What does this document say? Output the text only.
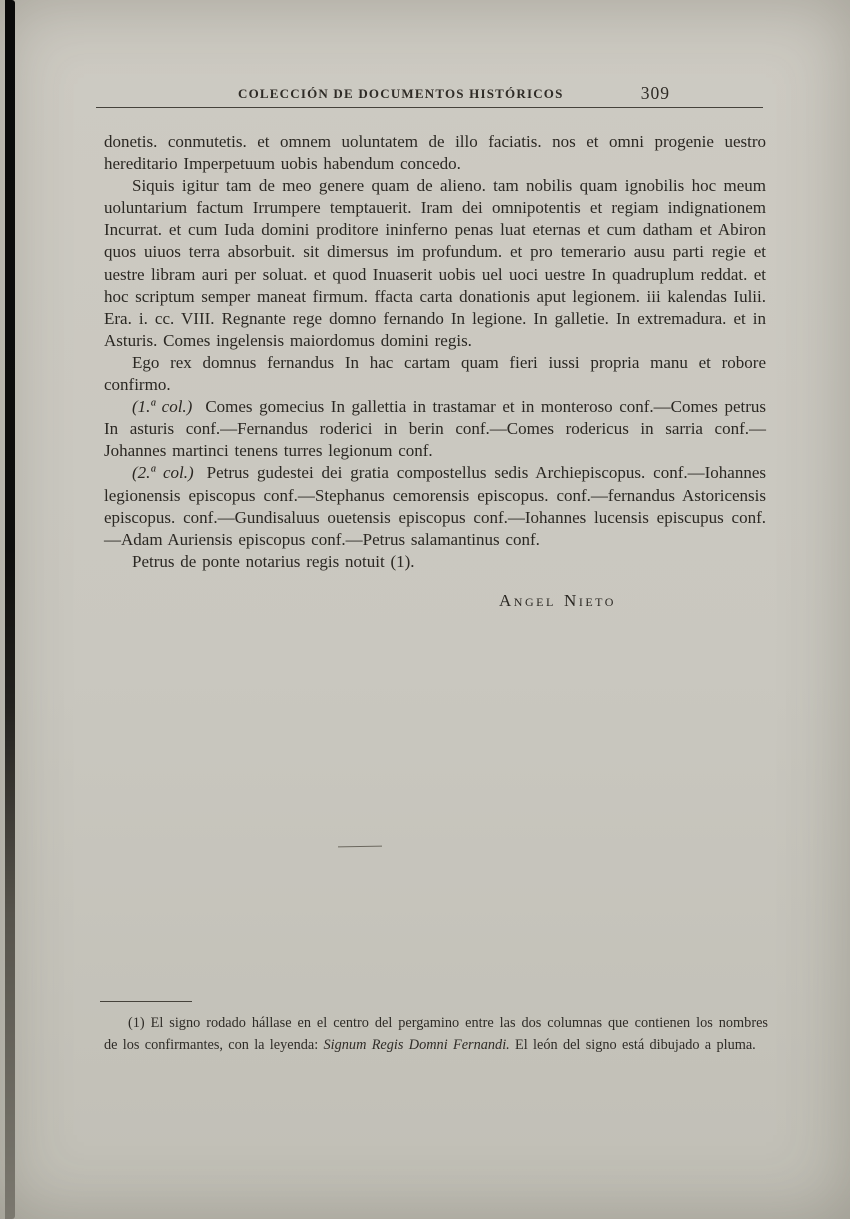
COLECCIÓN DE DOCUMENTOS HISTÓRICOS	309

donetis. conmutetis. et omnem uoluntatem de illo faciatis. nos et omni progenie uestro hereditario Imperpetuum uobis habendum concedo.

Siquis igitur tam de meo genere quam de alieno. tam nobilis quam ignobilis hoc meum uoluntarium factum Irrumpere temptauerit. Iram dei omnipotentis et regiam indignationem Incurrat. et cum Iuda domini proditore ininferno penas luat eternas et cum datham et Abiron quos uiuos terra absorbuit. sit dimersus im profundum. et pro temerario ausu parti regie et uestre libram auri per soluat. et quod Inuaserit uobis uel uoci uestre In quadruplum reddat. et hoc scriptum semper maneat firmum. ffacta carta donationis aput legionem. iii kalendas Iulii. Era. i. cc. VIII. Regnante rege domno fernando In legione. In galletie. In extremadura. et in Asturis. Comes ingelensis maiordomus domini regis.

Ego rex domnus fernandus In hac cartam quam fieri iussi propria manu et robore confirmo.

(1.ª col.) Comes gomecius In gallettia in trastamar et in monteroso conf.—Comes petrus In asturis conf.—Fernandus roderici in berin conf.—Comes rodericus in sarria conf.—Johannes martinci tenens turres legionum conf.

(2.ª col.) Petrus gudestei dei gratia compostellus sedis Archiepiscopus. conf.—Iohannes legionensis episcopus conf.—Stephanus cemorensis episcopus. conf.—fernandus Astoricensis episcopus. conf.—Gundisaluus ouetensis episcopus conf.—Iohannes lucensis episcupus conf.—Adam Auriensis episcopus conf.—Petrus salamantinus conf.

Petrus de ponte notarius regis notuit (1).

Angel Nieto

(1) El signo rodado hállase en el centro del pergamino entre las dos columnas que contienen los nombres de los confirmantes, con la leyenda: Signum Regis Domni Fernandi. El león del signo está dibujado a pluma.
